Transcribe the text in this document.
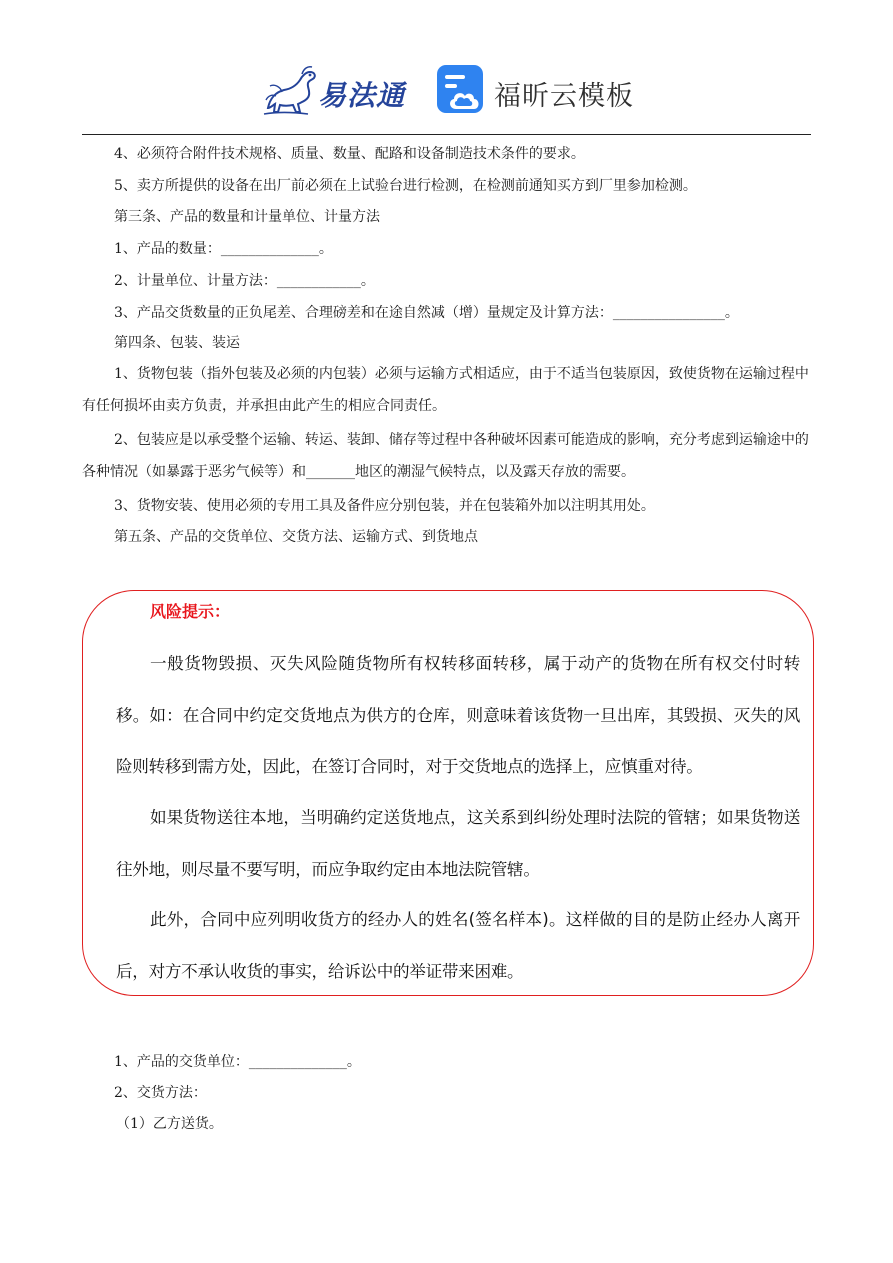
易法通	福昕云模板
4、必须符合附件技术规格、质量、数量、配路和设备制造技术条件的要求。
5、卖方所提供的设备在出厂前必须在上试验台进行检测，在检测前通知买方到厂里参加检测。
第三条、产品的数量和计量单位、计量方法
1、产品的数量：______________。
2、计量单位、计量方法：____________。
3、产品交货数量的正负尾差、合理磅差和在途自然减（增）量规定及计算方法：________________。
第四条、包装、装运
1、货物包装（指外包装及必须的内包装）必须与运输方式相适应，由于不适当包装原因，致使货物在运输过程中有任何损坏由卖方负责，并承担由此产生的相应合同责任。
2、包装应是以承受整个运输、转运、装卸、储存等过程中各种破坏因素可能造成的影响，充分考虑到运输途中的各种情况（如暴露于恶劣气候等）和_______地区的潮湿气候特点，以及露天存放的需要。
3、货物安装、使用必须的专用工具及备件应分别包装，并在包装箱外加以注明其用处。
第五条、产品的交货单位、交货方法、运输方式、到货地点
风险提示：
一般货物毁损、灭失风险随货物所有权转移面转移，属于动产的货物在所有权交付时转移。如：在合同中约定交货地点为供方的仓库，则意味着该货物一旦出库，其毁损、灭失的风险则转移到需方处，因此，在签订合同时，对于交货地点的选择上，应慎重对待。
如果货物送往本地，当明确约定送货地点，这关系到纠纷处理时法院的管辖；如果货物送往外地，则尽量不要写明，而应争取约定由本地法院管辖。
此外，合同中应列明收货方的经办人的姓名(签名样本)。这样做的目的是防止经办人离开后，对方不承认收货的事实，给诉讼中的举证带来困难。
1、产品的交货单位：______________。
2、交货方法：
（1）乙方送货。
